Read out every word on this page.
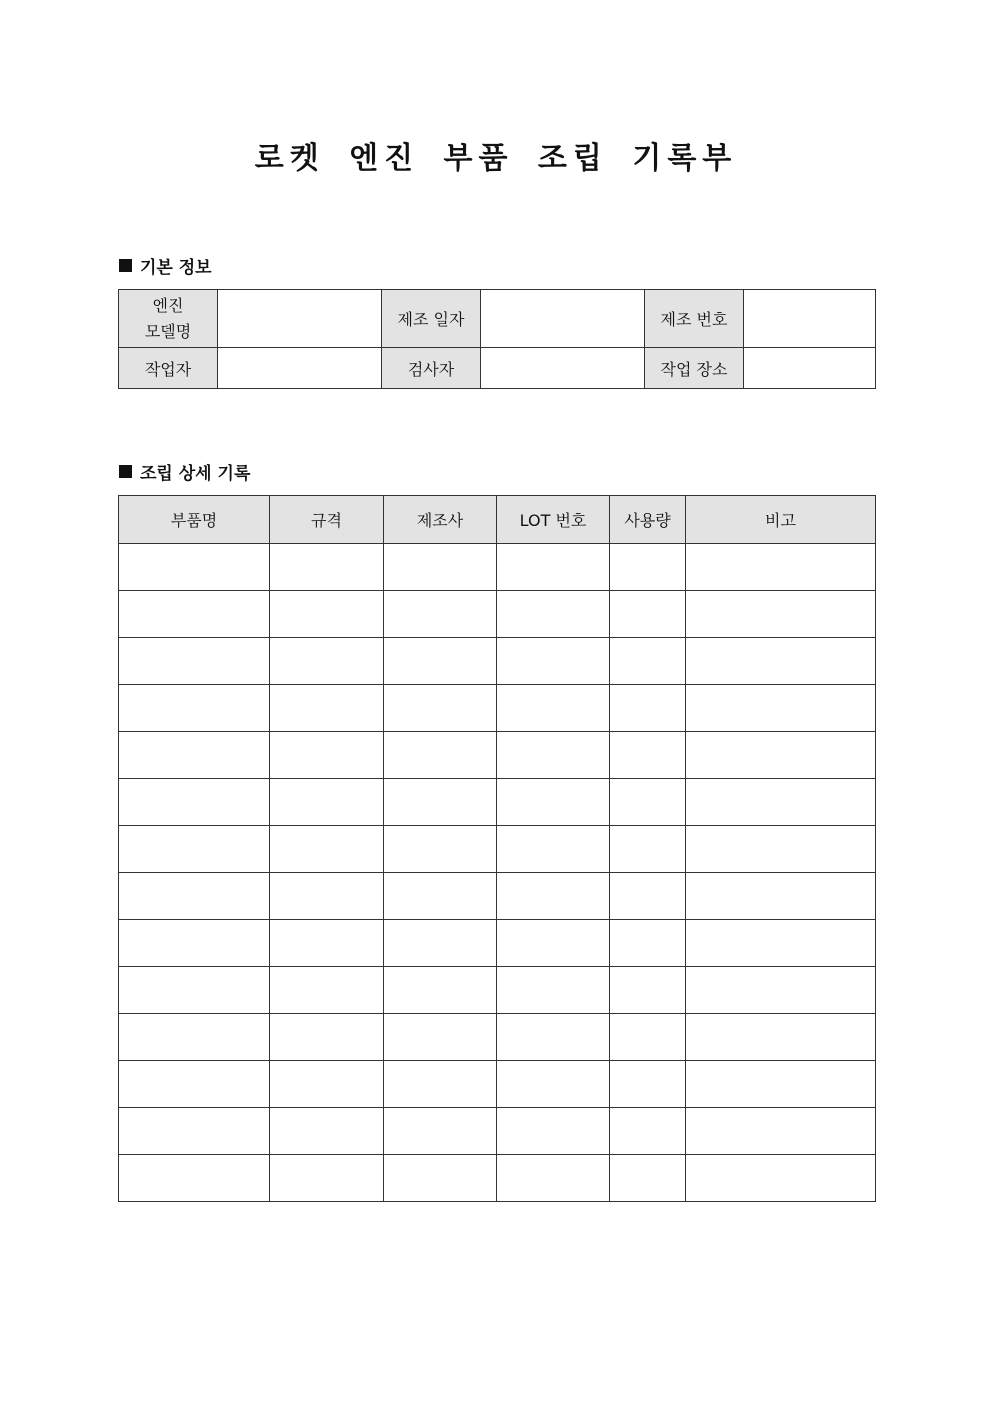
로켓 엔진 부품 조립 기록부
기본 정보
엔진
모델명		제조 일자		제조 번호	
작업자		검사자		작업 장소	
조립 상세 기록
부품명	규격	제조사	LOT 번호	사용량	비고
